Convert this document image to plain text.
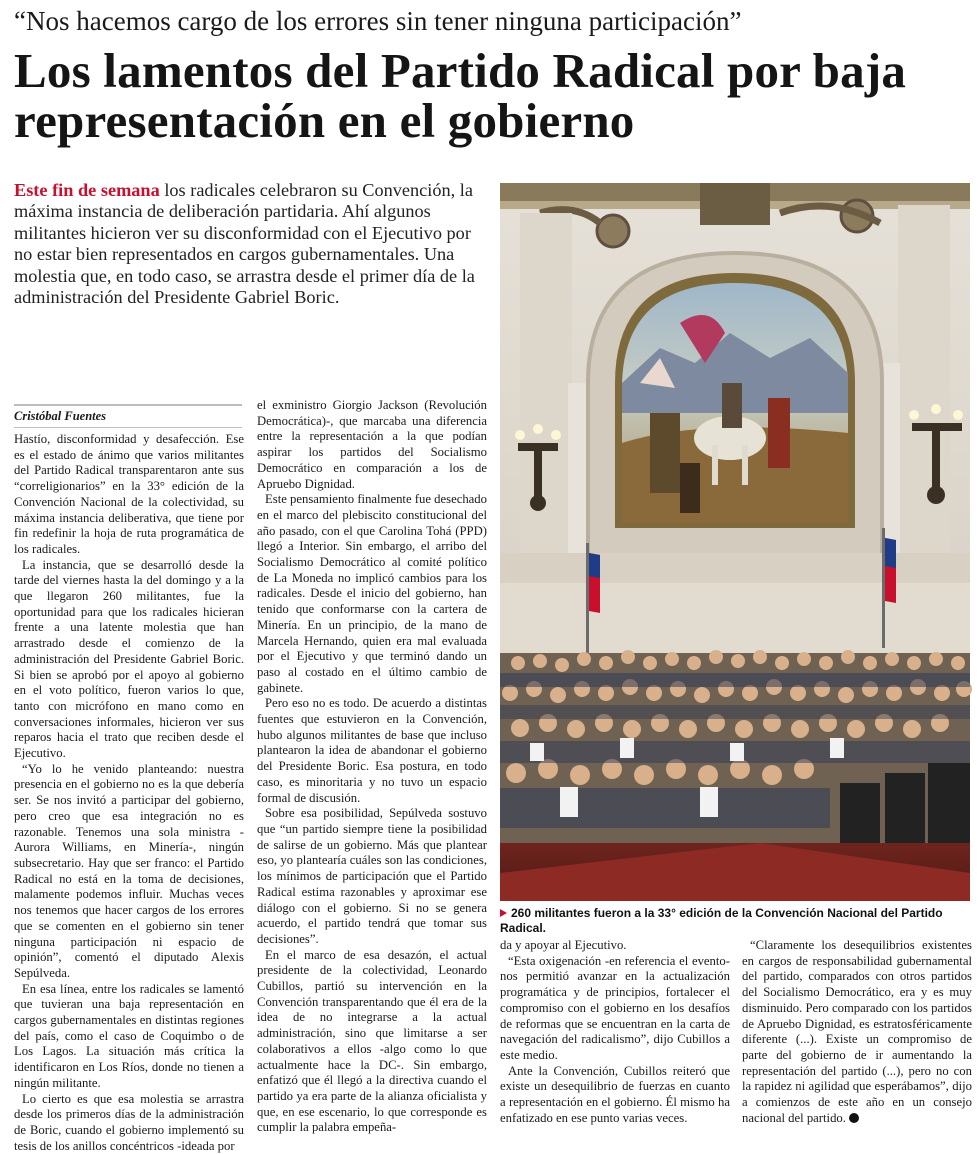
“Nos hacemos cargo de los errores sin tener ninguna participación”
Los lamentos del Partido Radical por baja representación en el gobierno
Este fin de semana los radicales celebraron su Convención, la máxima instancia de deliberación partidaria. Ahí algunos militantes hicieron ver su disconformidad con el Ejecutivo por no estar bien representados en cargos gubernamentales. Una molestia que, en todo caso, se arrastra desde el primer día de la administración del Presidente Gabriel Boric.
Cristóbal Fuentes

Hastío, disconformidad y desafección. Ese es el estado de ánimo que varios militantes del Partido Radical transparentaron ante sus “correligionarios” en la 33° edición de la Convención Nacional de la colectividad, su máxima instancia deliberativa, que tiene por fin redefinir la hoja de ruta programática de los radicales.

La instancia, que se desarrolló desde la tarde del viernes hasta la del domingo y a la que llegaron 260 militantes, fue la oportunidad para que los radicales hicieran frente a una latente molestia que han arrastrado desde el comienzo de la administración del Presidente Gabriel Boric. Si bien se aprobó por el apoyo al gobierno en el voto político, fueron varios lo que, tanto con micrófono en mano como en conversaciones informales, hicieron ver sus reparos hacia el trato que reciben desde el Ejecutivo.

“Yo lo he venido planteando: nuestra presencia en el gobierno no es la que debería ser. Se nos invitó a participar del gobierno, pero creo que esa integración no es razonable. Tenemos una sola ministra -Aurora Williams, en Minería-, ningún subsecretario. Hay que ser franco: el Partido Radical no está en la toma de decisiones, malamente podemos influir. Muchas veces nos tenemos que hacer cargos de los errores que se comenten en el gobierno sin tener ninguna participación ni espacio de opinión”, comentó el diputado Alexis Sepúlveda.

En esa línea, entre los radicales se lamentó que tuvieran una baja representación en cargos gubernamentales en distintas regiones del país, como el caso de Coquimbo o de Los Lagos. La situación más crítica la identificaron en Los Ríos, donde no tienen a ningún militante.

Lo cierto es que esa molestia se arrastra desde los primeros días de la administración de Boric, cuando el gobierno implementó su tesis de los anillos concéntricos -ideada por

el exministro Giorgio Jackson (Revolución Democrática)-, que marcaba una diferencia entre la representación a la que podían aspirar los partidos del Socialismo Democrático en comparación a los de Apruebo Dignidad.

Este pensamiento finalmente fue desechado en el marco del plebiscito constitucional del año pasado, con el que Carolina Tohá (PPD) llegó a Interior. Sin embargo, el arribo del Socialismo Democrático al comité político de La Moneda no implicó cambios para los radicales. Desde el inicio del gobierno, han tenido que conformarse con la cartera de Minería. En un principio, de la mano de Marcela Hernando, quien era mal evaluada por el Ejecutivo y que terminó dando un paso al costado en el último cambio de gabinete.

Pero eso no es todo. De acuerdo a distintas fuentes que estuvieron en la Convención, hubo algunos militantes de base que incluso plantearon la idea de abandonar el gobierno del Presidente Boric. Esa postura, en todo caso, es minoritaria y no tuvo un espacio formal de discusión.

Sobre esa posibilidad, Sepúlveda sostuvo que “un partido siempre tiene la posibilidad de salirse de un gobierno. Más que plantear eso, yo plantearía cuáles son las condiciones, los mínimos de participación que el Partido Radical estima razonables y aproximar ese diálogo con el gobierno. Si no se genera acuerdo, el partido tendrá que tomar sus decisiones”.

En el marco de esa desazón, el actual presidente de la colectividad, Leonardo Cubillos, partió su intervención en la Convención transparentando que él era de la idea de no integrarse a la actual administración, sino que limitarse a ser colaborativos a ellos -algo como lo que actualmente hace la DC-. Sin embargo, enfatizó que él llegó a la directiva cuando el partido ya era parte de la alianza oficialista y que, en ese escenario, lo que corresponde es cumplir la palabra empeña-

260 militantes fueron a la 33° edición de la Convención Nacional del Partido Radical.

da y apoyar al Ejecutivo.

“Esta oxigenación -en referencia el evento- nos permitió avanzar en la actualización programática y de principios, fortalecer el compromiso con el gobierno en los desafíos de reformas que se encuentran en la carta de navegación del radicalismo”, dijo Cubillos a este medio.

Ante la Convención, Cubillos reiteró que existe un desequilibrio de fuerzas en cuanto a representación en el gobierno. Él mismo ha enfatizado en ese punto varias veces.

“Claramente los desequilibrios existentes en cargos de responsabilidad gubernamental del partido, comparados con otros partidos del Socialismo Democrático, era y es muy disminuido. Pero comparado con los partidos de Apruebo Dignidad, es estratosféricamente diferente (...). Existe un compromiso de parte del gobierno de ir aumentando la representación del partido (...), pero no con la rapidez ni agilidad que esperábamos”, dijo a comienzos de este año en un consejo nacional del partido.
